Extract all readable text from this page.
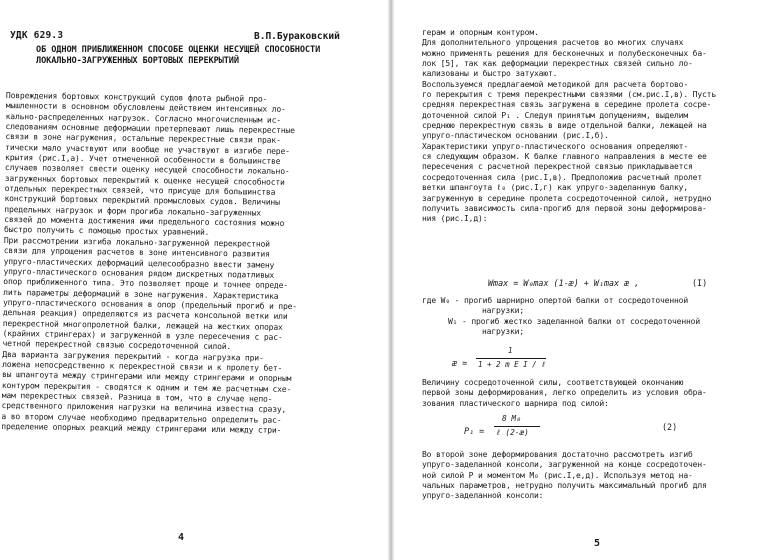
УДК 629.3	В.П.Бураковский
ОБ ОДНОМ ПРИБЛИЖЕННОМ СПОСОБЕ ОЦЕНКИ НЕСУЩЕЙ СПОСОБНОСТИ
ЛОКАЛЬНО-ЗАГРУЖЕННЫХ БОРТОВЫХ ПЕРЕКРЫТИЙ
Повреждения бортовых конструкций судов флота рыбной про-
мышленности в основном обусловлены действием интенсивных ло-
кально-распределенных нагрузок. Согласно многочисленным ис-
следованиям основные деформации претерпевают лишь перекрестные
связи в зоне нагружения, остальные перекрестные связи прак-
тически мало участвуют или вообще не участвуют в изгибе пере-
крытия (рис.I,а). Учет отмеченной особенности в большинстве
случаев позволяет свести оценку несущей способности локально-
загруженных бортовых перекрытий к оценке несущей способности
отдельных перекрестных связей, что присуще для большинства
конструкций бортовых перекрытий промысловых судов. Величины
предельных нагрузок и форм прогиба локально-загруженных
связей до момента достижения ими предельного состояния можно
быстро получить с помощью простых уравнений.
При рассмотрении изгиба локально-загруженной перекрестной
связи для упрощения расчетов в зоне интенсивного развития
упруго-пластических деформаций целесообразно ввести замену
упруго-пластического основания рядом дискретных податливых
опор приближенного типа. Это позволяет проще и точнее опреде-
лить параметры деформаций в зоне нагружения. Характеристика
упруго-пластического основания в опор (предельный прогиб и пре-
дельная реакция) определяются из расчета консольной ветки или
перекрестной многопролетной балки, лежащей на жестких опорах
(крайних стрингерах) и загруженной в узле пересечения с рас-
четной перекрестной связью сосредоточенной силой.
Два варианта загружения перекрытий - когда нагрузка при-
ложена непосредственно к перекрестной связи и к пролету бет-
вы шпангоута между стрингерами или между стрингерами и опорным
контуром перекрытия - сводятся к одним и тем же расчетным схе-
мам перекрестных связей. Разница в том, что в случае непо-
средственного приложения нагрузки на величина известна сразу,
а во втором случае необходимо предварительно определить рас-
пределение опорных реакций между стрингерами или между стри-
4
герам и опорным контуром.
Для дополнительного упрощения расчетов во многих случаях
можно применять решения для бесконечных и полубесконечных ба-
лок [5], так как деформации перекрестных связей сильно ло-
кализованы и быстро затухают.
Воспользуемся предлагаемой методикой для расчета бортово-
го перекрытия с тремя перекрестными связями (см.рис.I,в). Пусть
средняя перекрестная связь загружена в середине пролета сосре-
доточенной силой P₁ . Следуя принятым допущениям, выделим
среднюю перекрестную связь в виде отдельной балки, лежащей на
упруго-пластическом основании (рис.I,б).
Характеристики упруго-пластического основания определяют-
ся следующим образом. К балке главного направления в месте ее
пересечения с расчетной перекрестной связью прикладывается
сосредоточенная сила (рис.I,в). Предположив расчетный пролет
ветки шпангоута ℓ₀ (рис.I,г) как упруго-заделанную балку,
загруженную в середине пролета сосредоточенной силой, нетрудно
получить зависимость сила-прогиб для первой зоны деформирова-
ния (рис.I,д):
Wmax = W₀max (1-æ) + W₁max æ ,	(I)
где W₀ - прогиб шарнирно опертой балки от сосредоточенной
нагрузки;
W₁ - прогиб жестко заделанной балки от сосредоточенной
нагрузки;
æ =
1
1 + 2 m E I / ℓ
Величину сосредоточенной силы, соответствующей окончанию
первой зоны деформирования, легко определить из условия обра-
зования пластического шарнира под силой:
P₁ =
8 M₀
ℓ (2-æ)
(2)
Во второй зоне деформирования достаточно рассмотреть изгиб
упруго-заделанной консоли, загруженной на конце сосредоточен-
ной силой P и моментом M₀ (рис.I,е,д). Используя метод на-
чальных параметров, нетрудно получить максимальный прогиб для
упруго-заделанной консоли:
5
